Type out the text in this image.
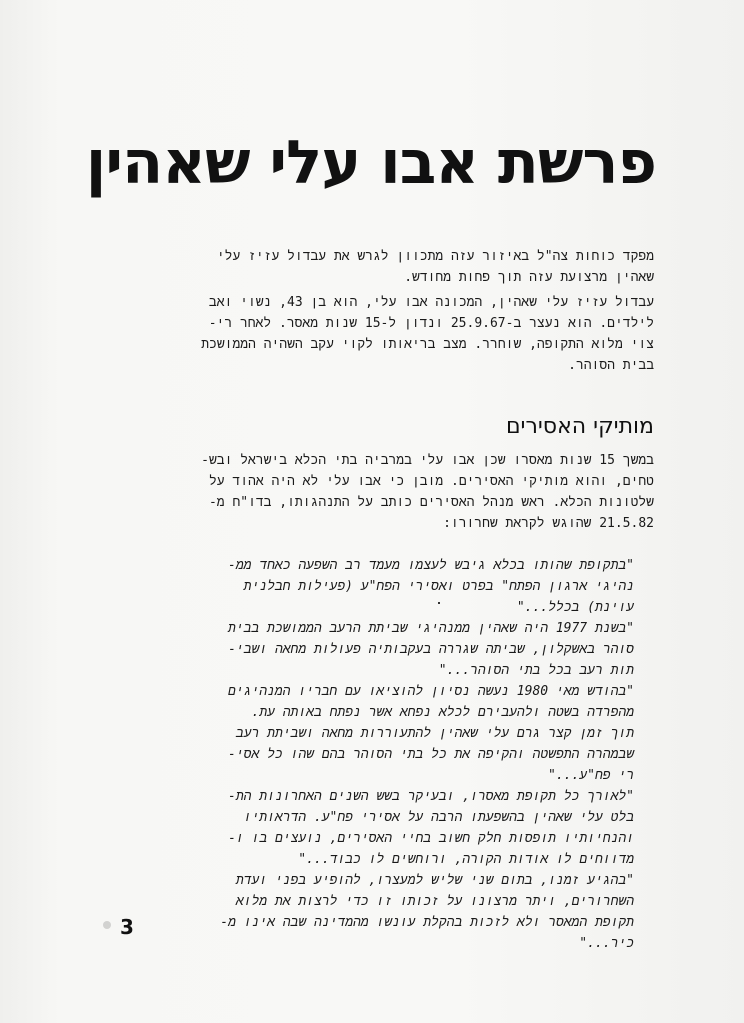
פרשת אבו עלי שאהין
מפקד כוחות צה"ל באיזור עזה מתכוון לגרש את עבדול עזיז עלי
שאהין מרצועת עזה תוך פחות מחודש.
עבדול עזיז עלי שאהין, המכונה אבו עלי, הוא בן 43, נשוי ואב
לילדים. הוא נעצר ב-25.9.67 ונדון ל-15 שנות מאסר. לאחר רי-
צוי מלוא התקופה, שוחרר. מצב בריאותו לקוי עקב השהיה הממושכת
בבית הסוהר.
מותיקי האסירים
במשך 15 שנות מאסרו שכן אבו עלי במרביה בתי הכלא בישראל ובש-
טחים, והוא מותיקי האסירים. מובן כי אבו עלי לא היה אהוד על
שלטונות הכלא. ראש מנהל האסירים כותב על התנהגותו, בדו"ח מ-
21.5.82 שהוגש לקראת שחרורו:
"בתקופת שהותו בכלא גיבש לעצמו מעמד רב השפעה כאחד ממ-
נהיגי ארגון הפתח" בפרט ואסירי הפח"ע (פעילות חבלנית
עוינת) בכלל..."
"בשנת 1977 היה שאהין ממנהיגי שביתת הרעב הממושכת בבית
סוהר באשקלון, שביתה שגררה בעקבותיה פעולות מחאה ושבי-
תות רעב בכל בתי הסוהר..."
"בהודש מאי 1980 נעשה נסיון להוציאו עם חבריו המנהיגים
מהפרדה בשטה ולהעבירם לכלא נפחא אשר נפתח באותה עת.
תוך זמן קצר גרם עלי שאהין להתעוררות מחאה ושביתת רעב
שבמהרה התפשטה והקיפה את כל בתי הסוהר בהם שהו כל אסי-
רי פח"ע..."
"לאורך כל תקופת מאסרו, ובעיקר בשש השנים האחרונות הת-
בלט עלי שאהין בהשפעתו הרבה על אסירי פח"ע. הדראותיו
והנחיותיו תופסות חלק חשוב בחיי האסירים, נועצים בו ו-
מדווחים לו אודות הקורה, ורוחשים לו כבוד..."
"בהגיע זמנו, בתום שני שליש למעצרו, להופיע בפני ועדת
השחרורים, ויתר מרצונו על זכותו זו כדי לרצות את מלוא
תקופת המאסר ולא לזכות בהקלת עונשו מהמדינה שבה אינו מ-
כיר..."
3
